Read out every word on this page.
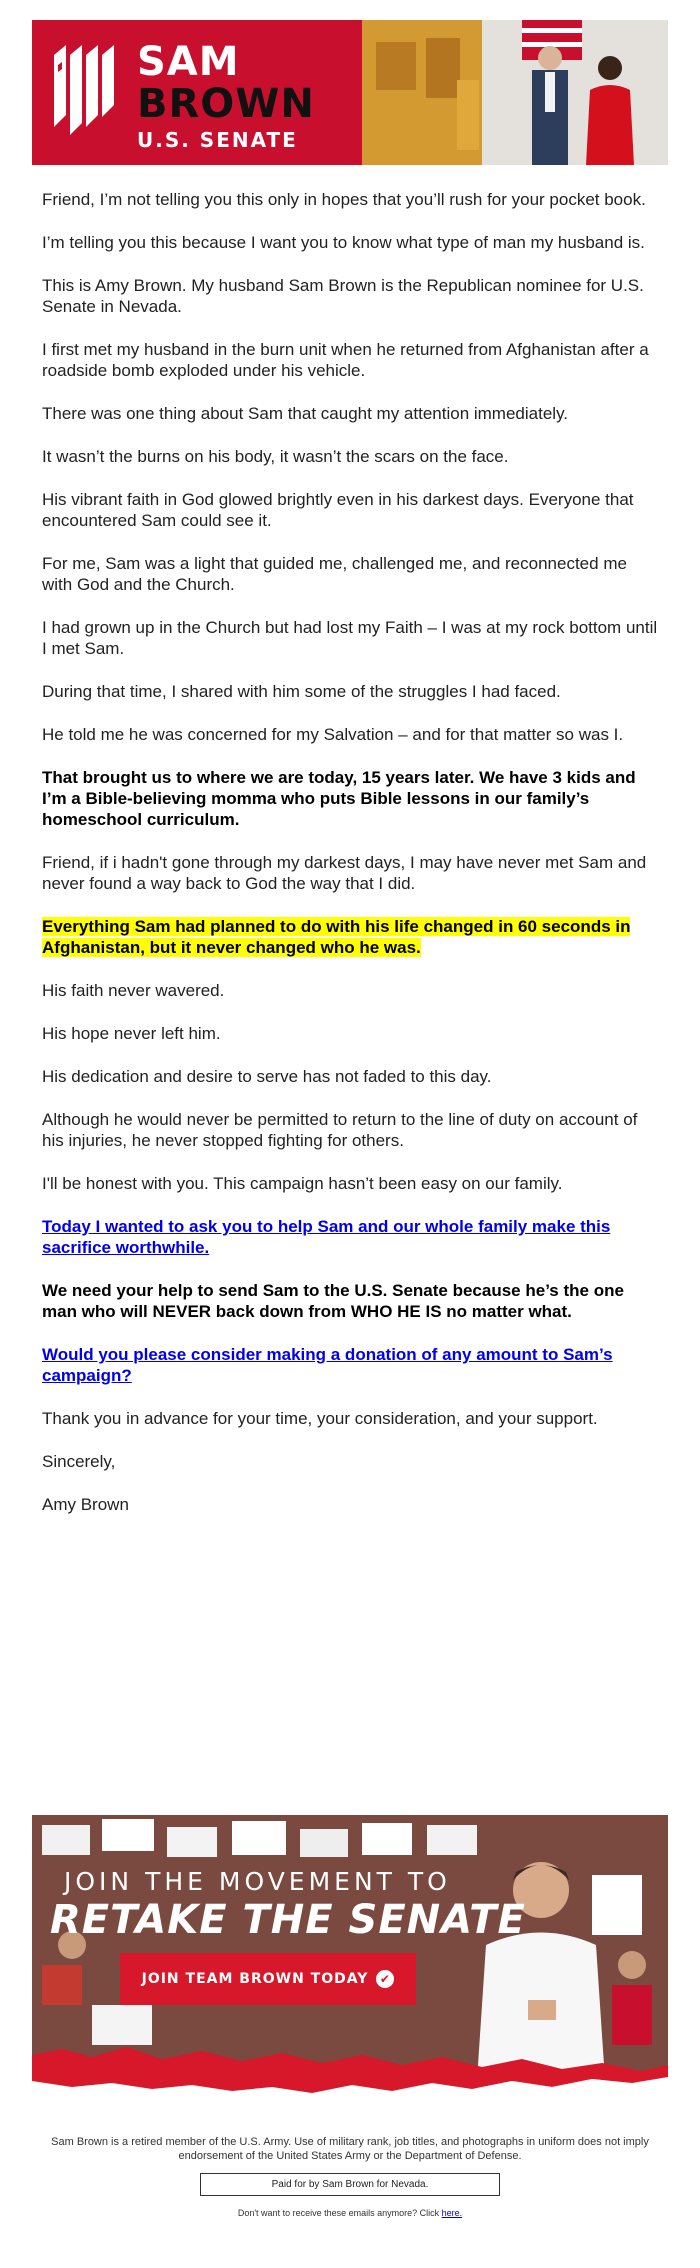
SAM
BROWN
U.S. SENATE

Friend, I’m not telling you this only in hopes that you’ll rush for your pocket book.

I’m telling you this because I want you to know what type of man my husband is.

This is Amy Brown. My husband Sam Brown is the Republican nominee for U.S. Senate in Nevada.

I first met my husband in the burn unit when he returned from Afghanistan after a roadside bomb exploded under his vehicle.

There was one thing about Sam that caught my attention immediately.

It wasn’t the burns on his body, it wasn’t the scars on the face.

His vibrant faith in God glowed brightly even in his darkest days. Everyone that encountered Sam could see it.

For me, Sam was a light that guided me, challenged me, and reconnected me with God and the Church.

I had grown up in the Church but had lost my Faith – I was at my rock bottom until I met Sam.

During that time, I shared with him some of the struggles I had faced.

He told me he was concerned for my Salvation – and for that matter so was I.

That brought us to where we are today, 15 years later. We have 3 kids and I’m a Bible-believing momma who puts Bible lessons in our family’s homeschool curriculum.

Friend, if i hadn't gone through my darkest days, I may have never met Sam and never found a way back to God the way that I did.

Everything Sam had planned to do with his life changed in 60 seconds in Afghanistan, but it never changed who he was.

His faith never wavered.

His hope never left him.

His dedication and desire to serve has not faded to this day.

Although he would never be permitted to return to the line of duty on account of his injuries, he never stopped fighting for others.

I'll be honest with you. This campaign hasn’t been easy on our family.

Today I wanted to ask you to help Sam and our whole family make this sacrifice worthwhile.

We need your help to send Sam to the U.S. Senate because he’s the one man who will NEVER back down from WHO HE IS no matter what.

Would you please consider making a donation of any amount to Sam’s campaign?

Thank you in advance for your time, your consideration, and your support.

Sincerely,

Amy Brown

JOIN THE MOVEMENT TO
RETAKE THE SENATE
JOIN TEAM BROWN TODAY ✔
Sam Brown is a retired member of the U.S. Army. Use of military rank, job titles, and photographs in uniform does not imply endorsement of the United States Army or the Department of Defense.
Paid for by Sam Brown for Nevada.
Don't want to receive these emails anymore? Click here.
